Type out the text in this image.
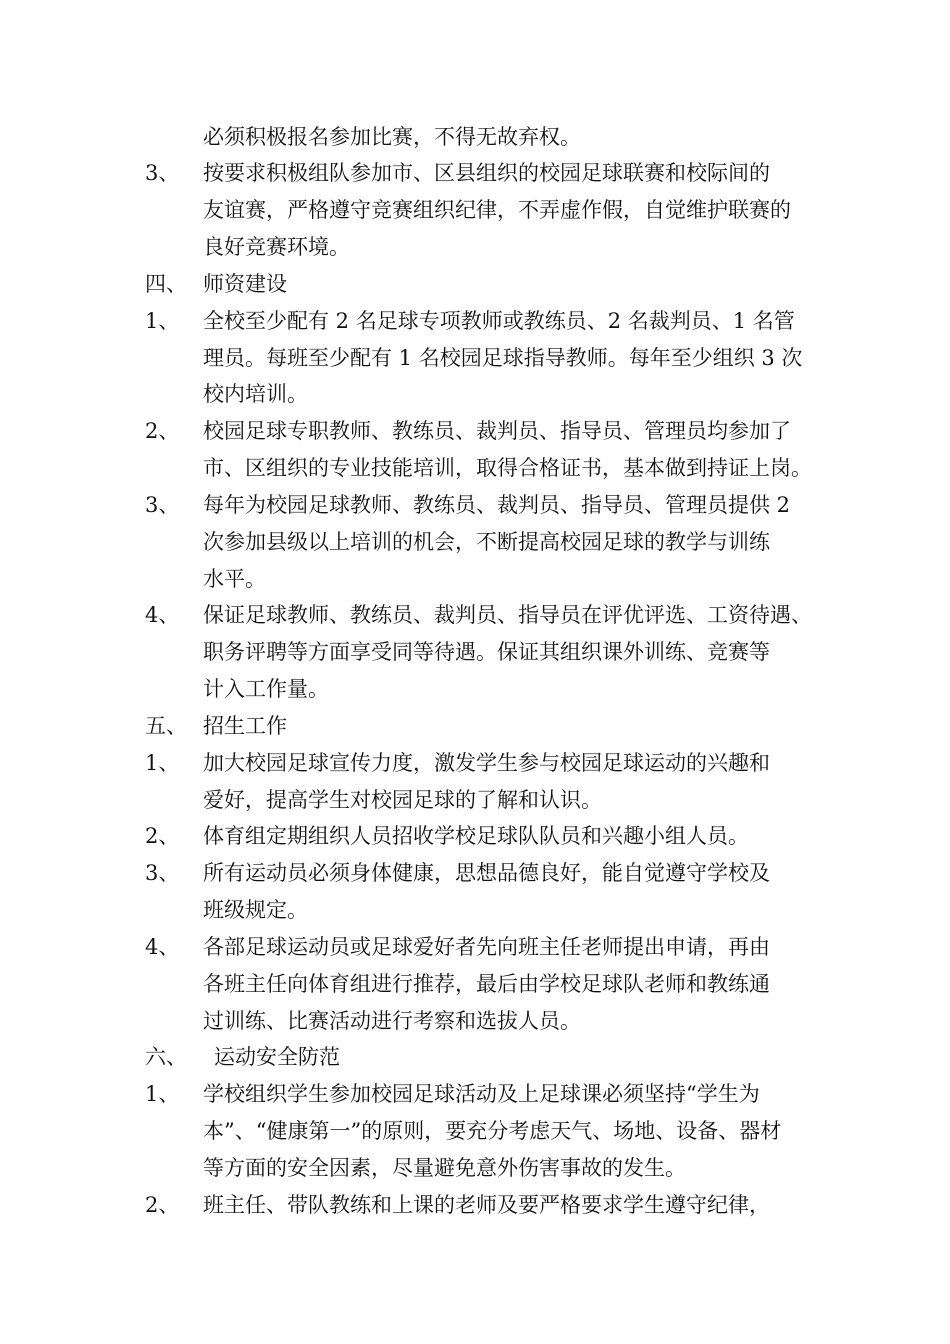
必须积极报名参加比赛，不得无故弃权。
3、 按要求积极组队参加市、区县组织的校园足球联赛和校际间的
友谊赛，严格遵守竞赛组织纪律，不弄虚作假，自觉维护联赛的
良好竞赛环境。
四、 师资建设
1、 全校至少配有 2 名足球专项教师或教练员、2 名裁判员、1 名管
理员。每班至少配有 1 名校园足球指导教师。每年至少组织 3 次
校内培训。
2、 校园足球专职教师、教练员、裁判员、指导员、管理员均参加了
市、区组织的专业技能培训，取得合格证书，基本做到持证上岗。
3、 每年为校园足球教师、教练员、裁判员、指导员、管理员提供 2
次参加县级以上培训的机会，不断提高校园足球的教学与训练
水平。
4、 保证足球教师、教练员、裁判员、指导员在评优评选、工资待遇、
职务评聘等方面享受同等待遇。保证其组织课外训练、竞赛等
计入工作量。
五、 招生工作
1、 加大校园足球宣传力度，激发学生参与校园足球运动的兴趣和
爱好，提高学生对校园足球的了解和认识。
2、 体育组定期组织人员招收学校足球队队员和兴趣小组人员。
3、 所有运动员必须身体健康，思想品德良好，能自觉遵守学校及
班级规定。
4、 各部足球运动员或足球爱好者先向班主任老师提出申请，再由
各班主任向体育组进行推荐，最后由学校足球队老师和教练通
过训练、比赛活动进行考察和选拔人员。
六、 运动安全防范
1、 学校组织学生参加校园足球活动及上足球课必须坚持“学生为
本”、“健康第一”的原则，要充分考虑天气、场地、设备、器材
等方面的安全因素，尽量避免意外伤害事故的发生。
2、 班主任、带队教练和上课的老师及要严格要求学生遵守纪律，
